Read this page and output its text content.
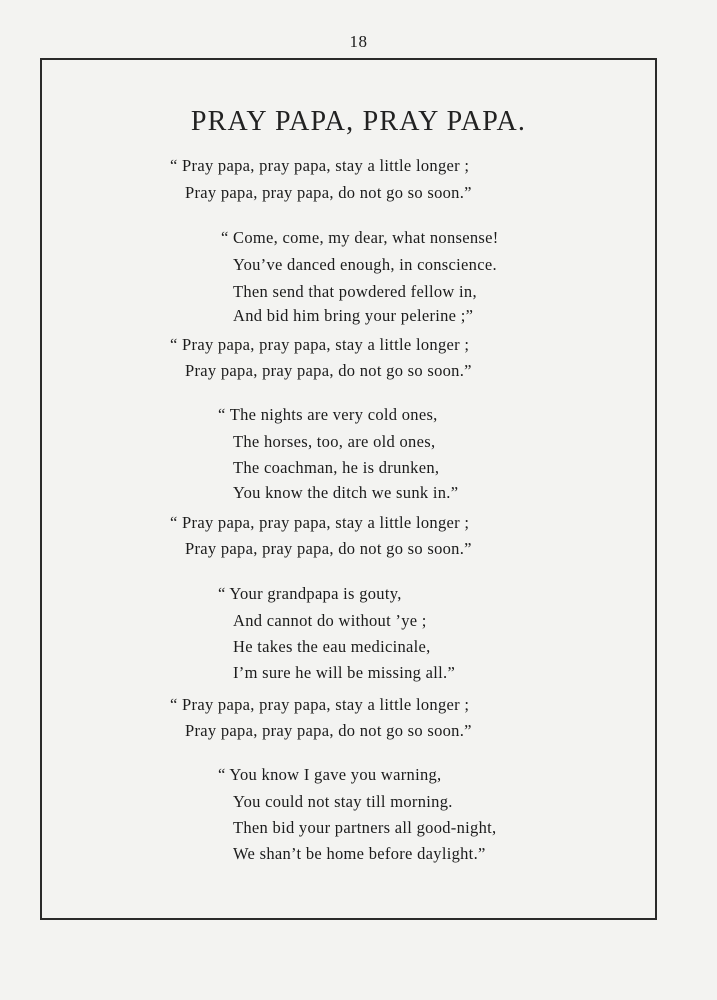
18
PRAY PAPA, PRAY PAPA.
“ Pray papa, pray papa, stay a little longer ;
Pray papa, pray papa, do not go so soon.”
“ Come, come, my dear, what nonsense!
You’ve danced enough, in conscience.
Then send that powdered fellow in,
And bid him bring your pelerine ;”
“ Pray papa, pray papa, stay a little longer ;
Pray papa, pray papa, do not go so soon.”
“ The nights are very cold ones,
The horses, too, are old ones,
The coachman, he is drunken,
You know the ditch we sunk in.”
“ Pray papa, pray papa, stay a little longer ;
Pray papa, pray papa, do not go so soon.”
“ Your grandpapa is gouty,
And cannot do without ’ye ;
He takes the eau medicinale,
I’m sure he will be missing all.”
“ Pray papa, pray papa, stay a little longer ;
Pray papa, pray papa, do not go so soon.”
“ You know I gave you warning,
You could not stay till morning.
Then bid your partners all good-night,
We shan’t be home before daylight.”
